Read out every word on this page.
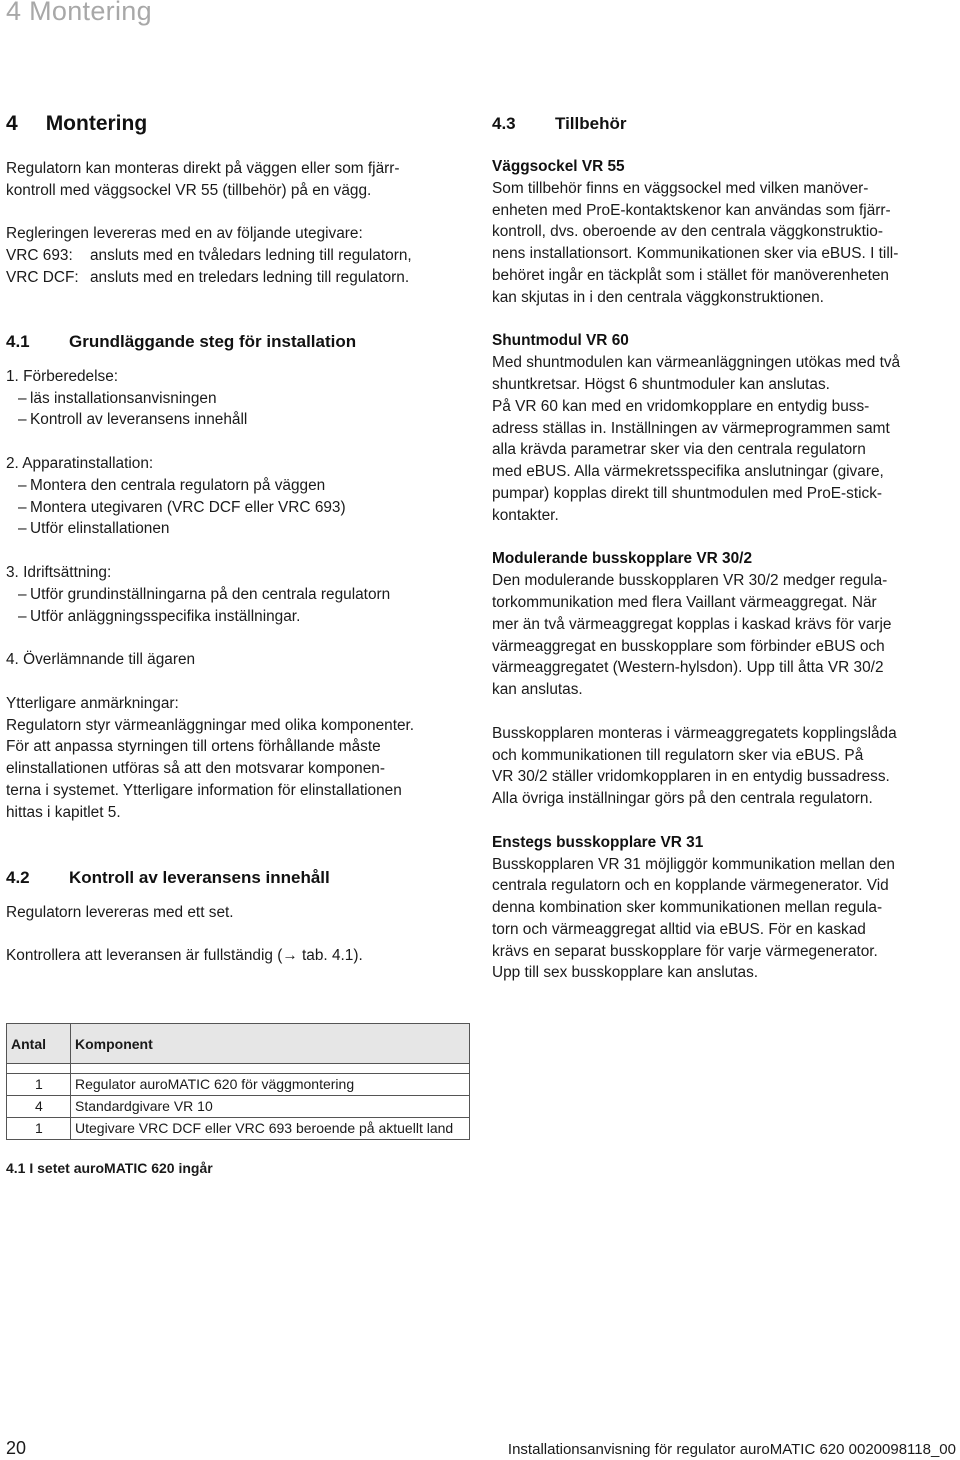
4 Montering
4 Montering
Regulatorn kan monteras direkt på väggen eller som fjärr-
kontroll med väggsockel VR 55 (tillbehör) på en vägg.
Regleringen levereras med en av följande utegivare:
VRC 693:	ansluts med en tvåledars ledning till regulatorn,
VRC DCF: ansluts med en treledars ledning till regulatorn.
4.1	Grundläggande steg för installation
1. Förberedelse:
– läs installationsanvisningen
– Kontroll av leveransens innehåll
2. Apparatinstallation:
– Montera den centrala regulatorn på väggen
– Montera utegivaren (VRC DCF eller VRC 693)
– Utför elinstallationen
3. Idriftsättning:
– Utför grundinställningarna på den centrala regulatorn
– Utför anläggningsspecifika inställningar.
4. Överlämnande till ägaren
Ytterligare anmärkningar:
Regulatorn styr värmeanläggningar med olika komponenter.
För att anpassa styrningen till ortens förhållande måste
elinstallationen utföras så att den motsvarar komponen-
terna i systemet. Ytterligare information för elinstallationen
hittas i kapitlet 5.
4.2	Kontroll av leveransens innehåll
Regulatorn levereras med ett set.
Kontrollera att leveransen är fullständig (→ tab. 4.1).
4.3	Tillbehör
Väggsockel VR 55
Som tillbehör finns en väggsockel med vilken manöver-
enheten med ProE-kontaktskenor kan användas som fjärr-
kontroll, dvs. oberoende av den centrala väggkonstruktio-
nens installationsort. Kommunikationen sker via eBUS. I till-
behöret ingår en täckplåt som i stället för manöverenheten
kan skjutas in i den centrala väggkonstruktionen.
Shuntmodul VR 60
Med shuntmodulen kan värmeanläggningen utökas med två
shuntkretsar. Högst 6 shuntmoduler kan anslutas.
På VR 60 kan med en vridomkopplare en entydig buss-
adress ställas in. Inställningen av värmeprogrammen samt
alla krävda parametrar sker via den centrala regulatorn
med eBUS. Alla värmekretsspecifika anslutningar (givare,
pumpar) kopplas direkt till shuntmodulen med ProE-stick-
kontakter.
Modulerande busskopplare VR 30/2
Den modulerande busskopplaren VR 30/2 medger regula-
torkommunikation med flera Vaillant värmeaggregat. När
mer än två värmeaggregat kopplas i kaskad krävs för varje
värmeaggregat en busskopplare som förbinder eBUS och
värmeaggregatet (Western-hylsdon). Upp till åtta VR 30/2
kan anslutas.
Busskopplaren monteras i värmeaggregatets kopplingslåda
och kommunikationen till regulatorn sker via eBUS. På
VR 30/2 ställer vridomkopplaren in en entydig bussadress.
Alla övriga inställningar görs på den centrala regulatorn.
Enstegs busskopplare VR 31
Busskopplaren VR 31 möjliggör kommunikation mellan den
centrala regulatorn och en kopplande värmegenerator. Vid
denna kombination sker kommunikationen mellan regula-
torn och värmeaggregat alltid via eBUS. För en kaskad
krävs en separat busskopplare för varje värmegenerator.
Upp till sex busskopplare kan anslutas.
Antal	Komponent

1	Regulator auroMATIC 620 för väggmontering
4	Standardgivare VR 10
1	Utegivare VRC DCF eller VRC 693 beroende på aktuellt land
4.1 I setet auroMATIC 620 ingår
20	Installationsanvisning för regulator auroMATIC 620 0020098118_00
